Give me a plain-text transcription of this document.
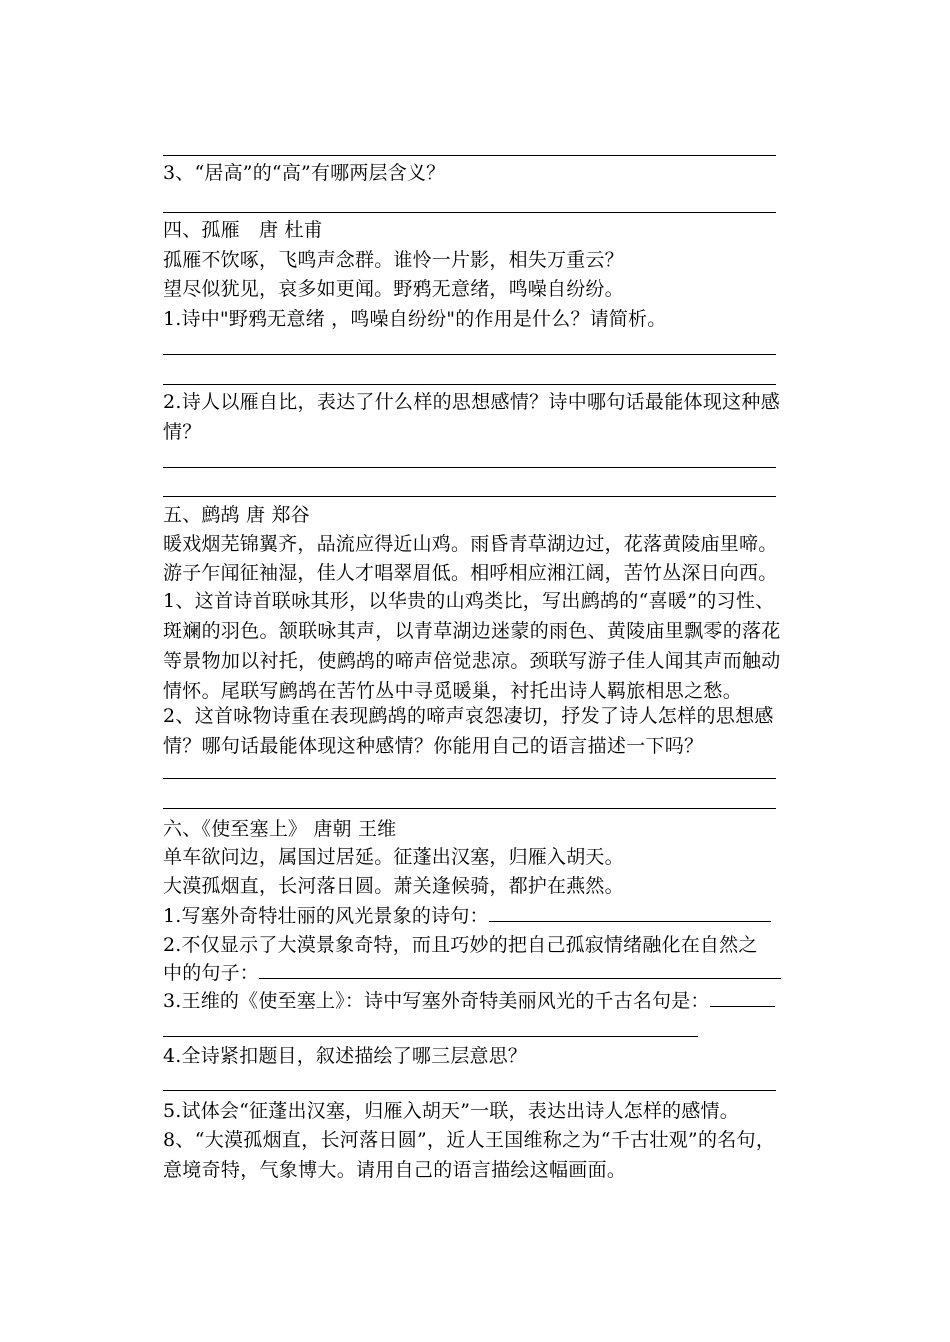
3、“居高”的“高”有哪两层含义？
四、孤雁　唐 杜甫
孤雁不饮啄，飞鸣声念群。谁怜一片影，相失万重云？
望尽似犹见，哀多如更闻。野鸦无意绪，鸣噪自纷纷。
1.诗中"野鸦无意绪 ，鸣噪自纷纷"的作用是什么？请简析。
2.诗人以雁自比，表达了什么样的思想感情？诗中哪句话最能体现这种感情？
五、鹧鸪 唐 郑谷
暖戏烟芜锦翼齐，品流应得近山鸡。雨昏青草湖边过，花落黄陵庙里啼。
游子乍闻征袖湿，佳人才唱翠眉低。相呼相应湘江阔，苦竹丛深日向西。
1、这首诗首联咏其形，以华贵的山鸡类比，写出鹧鸪的“喜暖”的习性、斑斓的羽色。颔联咏其声，以青草湖边迷蒙的雨色、黄陵庙里飘零的落花等景物加以衬托，使鹧鸪的啼声倍觉悲凉。颈联写游子佳人闻其声而触动情怀。尾联写鹧鸪在苦竹丛中寻觅暖巢，衬托出诗人羁旅相思之愁。
2、这首咏物诗重在表现鹧鸪的啼声哀怨凄切，抒发了诗人怎样的思想感情？哪句话最能体现这种感情？你能用自己的语言描述一下吗？
六、《使至塞上》 唐朝 王维
单车欲问边，属国过居延。征蓬出汉塞，归雁入胡天。
大漠孤烟直，长河落日圆。萧关逢候骑，都护在燕然。
1.写塞外奇特壮丽的风光景象的诗句：
2.不仅显示了大漠景象奇特，而且巧妙的把自己孤寂情绪融化在自然之
中的句子：
3.王维的《使至塞上》：诗中写塞外奇特美丽风光的千古名句是：
4.全诗紧扣题目，叙述描绘了哪三层意思？
5.试体会“征蓬出汉塞，归雁入胡天”一联，表达出诗人怎样的感情。
8、“大漠孤烟直，长河落日圆”，近人王国维称之为“千古壮观”的名句，意境奇特，气象博大。请用自己的语言描绘这幅画面。
